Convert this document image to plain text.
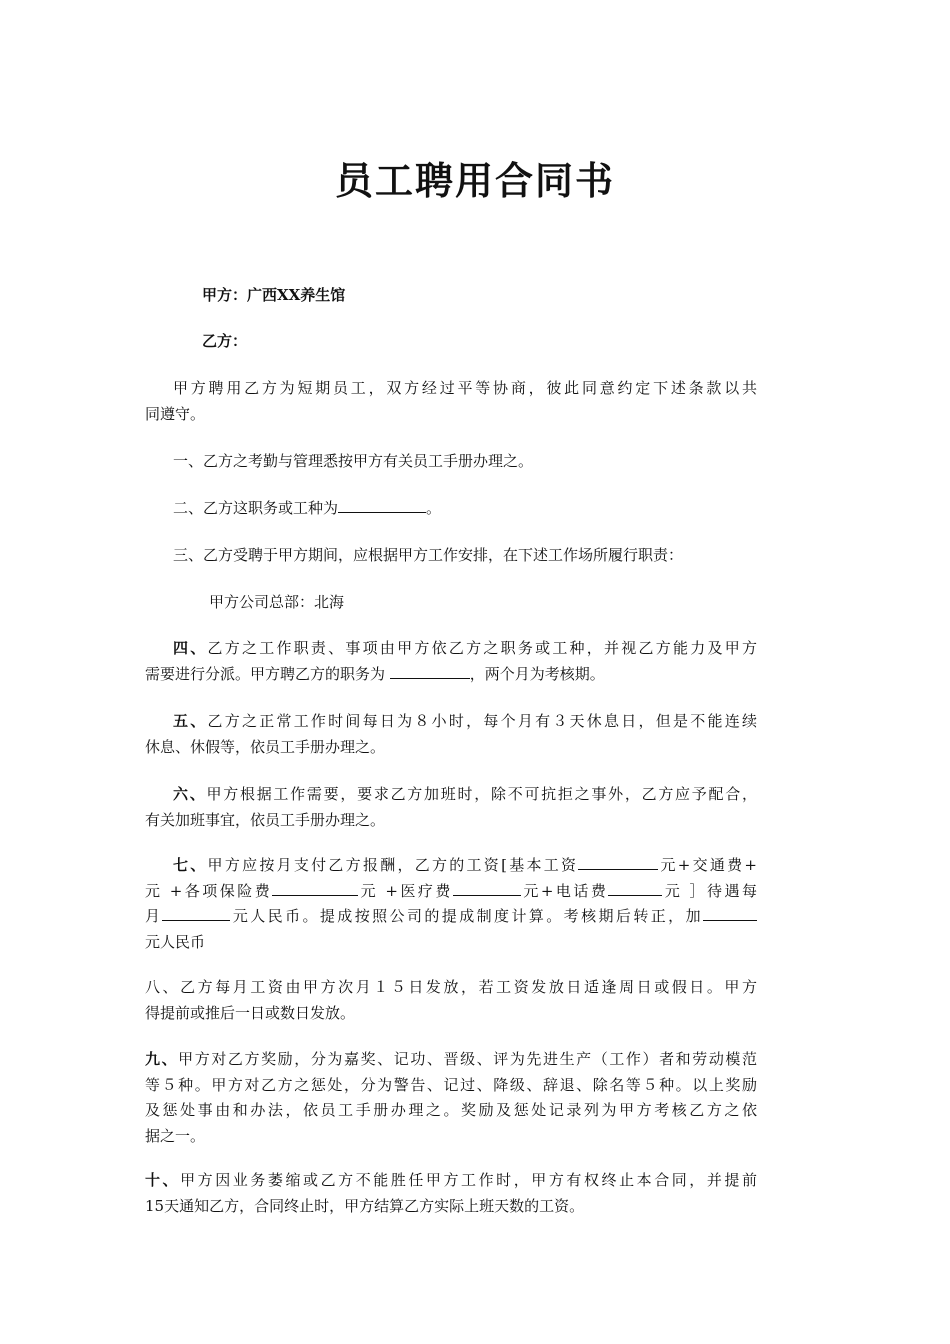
员工聘用合同书
甲方：广西XX养生馆
乙方：
甲方聘用乙方为短期员工，双方经过平等协商，彼此同意约定下述条款以共
同遵守。
一、乙方之考勤与管理悉按甲方有关员工手册办理之。
二、乙方这职务或工种为	。
三、乙方受聘于甲方期间，应根据甲方工作安排，在下述工作场所履行职责：
甲方公司总部：北海
四、乙方之工作职责、事项由甲方依乙方之职务或工种，并视乙方能力及甲方
需要进行分派。甲方聘乙方的职务为	，两个月为考核期。
五、乙方之正常工作时间每日为８小时，每个月有３天休息日，但是不能连续
休息、休假等，依员工手册办理之。
六、甲方根据工作需要，要求乙方加班时，除不可抗拒之事外，乙方应予配合，
有关加班事宜，依员工手册办理之。
七、甲方应按月支付乙方报酬，乙方的工资[基本工资	元+交通费+
元 +各项保险费	元 +医疗费	元+电话费	元 ］待遇每
月	元人民币。提成按照公司的提成制度计算。考核期后转正，加
元人民币
八、乙方每月工资由甲方次月１５日发放，若工资发放日适逢周日或假日。甲方
得提前或推后一日或数日发放。
九、甲方对乙方奖励，分为嘉奖、记功、晋级、评为先进生产（工作）者和劳动模范
等５种。甲方对乙方之惩处，分为警告、记过、降级、辞退、除名等５种。以上奖励
及惩处事由和办法，依员工手册办理之。奖励及惩处记录列为甲方考核乙方之依
据之一。
十、甲方因业务萎缩或乙方不能胜任甲方工作时，甲方有权终止本合同，并提前
15天通知乙方，合同终止时，甲方结算乙方实际上班天数的工资。
